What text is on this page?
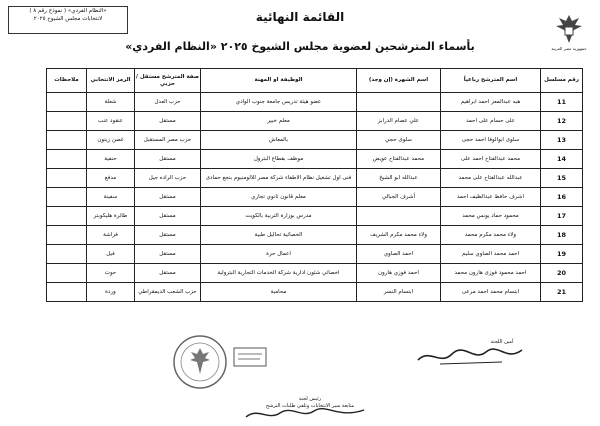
( نموذج رقم ٨ ) «النظام الفردي»
لانتخابات مجلس الشيوخ ٢٠٢٥	القائمة النهائية
بأسماء المترشحين لعضوية مجلس الشيوخ ٢٠٢٥ «النظام الفردي»	جمهورية مصر العربية
رقم مسلسل	اسم المترشح رباعياً	اسم الشهرة (إن وجد)	الوظيفة او المهنة	صفة المترشح مستقل / حزبي	الرمز الانتخابي	ملاحظات
11	هبه عبدالمعز احمد ابراهيم		عضو هيئة تدريس جامعة جنوب الوادي	حزب العدل	شعلة	
12	على حسام على احمد	علي عصام الدرابز	معلم خبير	مستقل	عنقود عنب	
13	سلوى ابوالوفا احمد حجى	سلوى حجي	بالمعاش	حزب مصر المستقبل	غصن زيتون	
14	محمد عبدالفتاح احمد على	محمد عبدالفتاح عويض	موظف بقطاع البترول	مستقل	حنفية	
15	عبدالله عبدالفتاح على محمد	عبدالله ابو الشيخ	فنى اول تشغيل نظام الاطفاء شركة مصر للالومنيوم بنجع حمادى	حزب الراده جيل	مدفع	
16	اشرف حافظ عبدالظيف احمد	أشرف الجبالي	معلم قانون ثانوي تجاري	مستقل	سفينة	
17	محمود حماد يونس محمد		مدرس بوزارة التربية بالكويت	مستقل	طائرة هليكوبتر	
18	ولاء محمد مكرم محمد	ولاء محمد مكرم الشريف	الخصائية تحاليل طبية	مستقل	فراشة	
19	احمد محمد الصاوي سليم	احمد الصاوي	اعمال حرة	مستقل	فيل	
20	احمد محمود فوزى هارون محمد	احمد فوزي هارون	اخصائي شئون ادارية شركة الخدمات التجارية البترولية	مستقل	حوت	
21	ابتسام محمد احمد مرعى	ابتسام النسر	محامية	حزب الشعب الديمقراطي	وردة	
أمين اللجنة
رئيس لجنة
متابعة سير الانتخابات وتلقي طلبات الترشح
